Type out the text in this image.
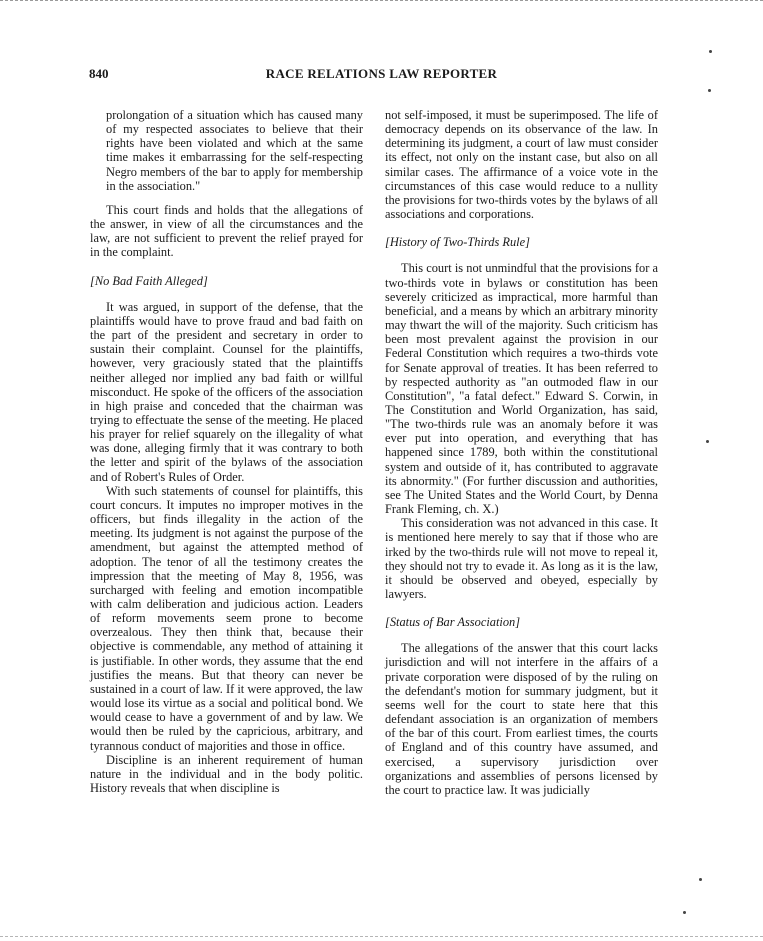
840	RACE RELATIONS LAW REPORTER

prolongation of a situation which has caused many of my respected associates to believe that their rights have been violated and which at the same time makes it embarrassing for the self-respecting Negro members of the bar to apply for membership in the association."

This court finds and holds that the allegations of the answer, in view of all the circumstances and the law, are not sufficient to prevent the relief prayed for in the complaint.

[No Bad Faith Alleged]

It was argued, in support of the defense, that the plaintiffs would have to prove fraud and bad faith on the part of the president and secretary in order to sustain their complaint. Counsel for the plaintiffs, however, very graciously stated that the plaintiffs neither alleged nor implied any bad faith or willful misconduct. He spoke of the officers of the association in high praise and conceded that the chairman was trying to effectuate the sense of the meeting. He placed his prayer for relief squarely on the illegality of what was done, alleging firmly that it was contrary to both the letter and spirit of the bylaws of the association and of Robert's Rules of Order.

With such statements of counsel for plaintiffs, this court concurs. It imputes no improper motives in the officers, but finds illegality in the action of the meeting. Its judgment is not against the purpose of the amendment, but against the attempted method of adoption. The tenor of all the testimony creates the impression that the meeting of May 8, 1956, was surcharged with feeling and emotion incompatible with calm deliberation and judicious action. Leaders of reform movements seem prone to become overzealous. They then think that, because their objective is commendable, any method of attaining it is justifiable. In other words, they assume that the end justifies the means. But that theory can never be sustained in a court of law. If it were approved, the law would lose its virtue as a social and political bond. We would cease to have a government of and by law. We would then be ruled by the capricious, arbitrary, and tyrannous conduct of majorities and those in office.

Discipline is an inherent requirement of human nature in the individual and in the body politic. History reveals that when discipline is

not self-imposed, it must be superimposed. The life of democracy depends on its observance of the law. In determining its judgment, a court of law must consider its effect, not only on the instant case, but also on all similar cases. The affirmance of a voice vote in the circumstances of this case would reduce to a nullity the provisions for two-thirds votes by the bylaws of all associations and corporations.

[History of Two-Thirds Rule]

This court is not unmindful that the provisions for a two-thirds vote in bylaws or constitution has been severely criticized as impractical, more harmful than beneficial, and a means by which an arbitrary minority may thwart the will of the majority. Such criticism has been most prevalent against the provision in our Federal Constitution which requires a two-thirds vote for Senate approval of treaties. It has been referred to by respected authority as "an outmoded flaw in our Constitution", "a fatal defect." Edward S. Corwin, in The Constitution and World Organization, has said, "The two-thirds rule was an anomaly before it was ever put into operation, and everything that has happened since 1789, both within the constitutional system and outside of it, has contributed to aggravate its abnormity." (For further discussion and authorities, see The United States and the World Court, by Denna Frank Fleming, ch. X.)

This consideration was not advanced in this case. It is mentioned here merely to say that if those who are irked by the two-thirds rule will not move to repeal it, they should not try to evade it. As long as it is the law, it should be observed and obeyed, especially by lawyers.

[Status of Bar Association]

The allegations of the answer that this court lacks jurisdiction and will not interfere in the affairs of a private corporation were disposed of by the ruling on the defendant's motion for summary judgment, but it seems well for the court to state here that this defendant association is an organization of members of the bar of this court. From earliest times, the courts of England and of this country have assumed, and exercised, a supervisory jurisdiction over organizations and assemblies of persons licensed by the court to practice law. It was judicially
